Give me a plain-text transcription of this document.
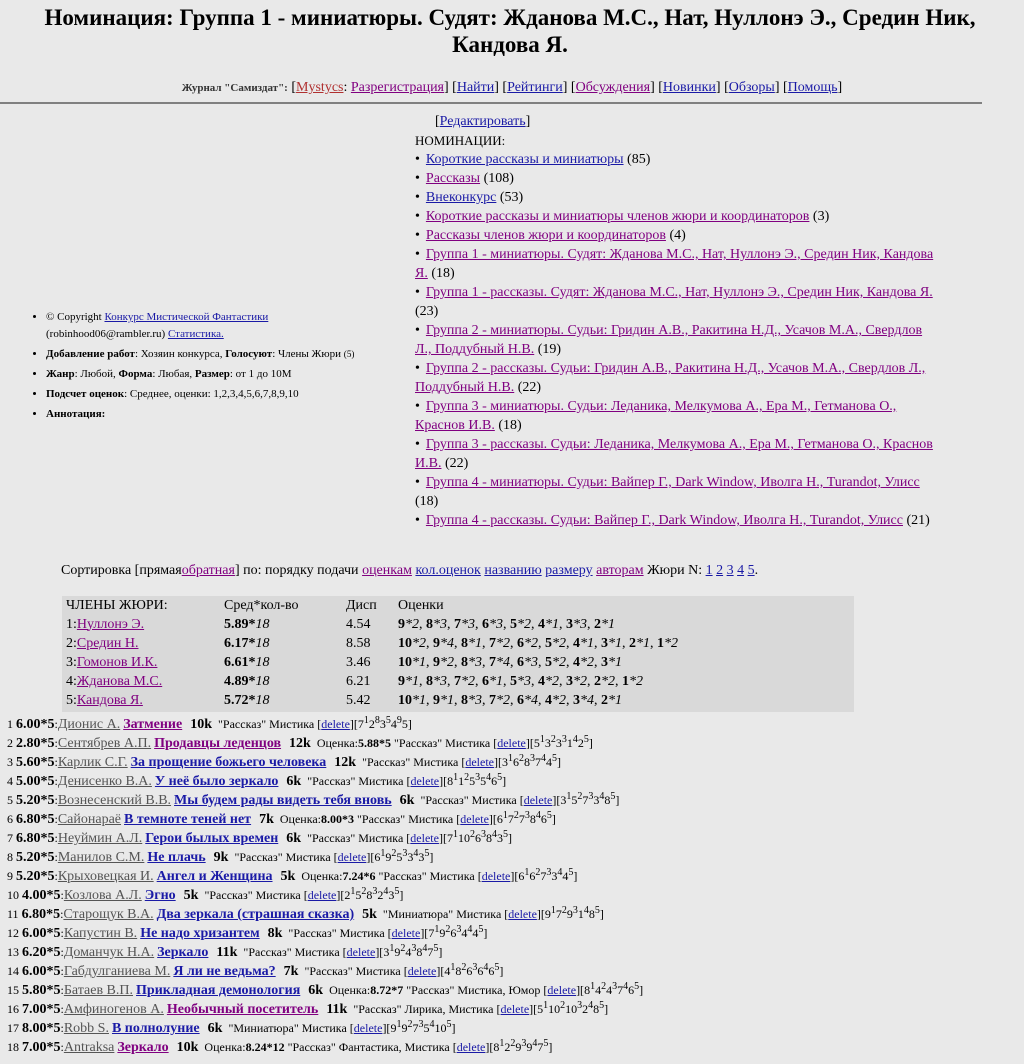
Номинация: Группа 1 - миниатюры. Судят: Жданова М.С., Нат, Нуллонэ Э., Средин Ник, Кандова Я.
Журнал "Самиздат": [Mystycs: Разрегистрация] [Найти] [Рейтинги] [Обсуждения] [Новинки] [Обзоры] [Помощь]
• © Copyright Конкурс Мистической Фантастики
(robinhood06@rambler.ru) Статистика.
• Добавление работ: Хозяин конкурса, Голосуют: Члены Жюри (5)
• Жанр: Любой, Форма: Любая, Размер: от 1 до 10М
• Подсчет оценок: Среднее, оценки: 1,2,3,4,5,6,7,8,9,10
• Аннотация:
[Редактировать]
НОМИНАЦИИ:
• Короткие рассказы и миниатюры (85)
• Рассказы (108)
• Внеконкурс (53)
• Короткие рассказы и миниатюры членов жюри и координаторов (3)
• Рассказы членов жюри и координаторов (4)
• Группа 1 - миниатюры. Судят: Жданова М.С., Нат, Нуллонэ Э., Средин Ник, Кандова Я. (18)
• Группа 1 - рассказы. Судят: Жданова М.С., Нат, Нуллонэ Э., Средин Ник, Кандова Я. (23)
• Группа 2 - миниатюры. Судьи: Гридин А.В., Ракитина Н.Д., Усачов М.А., Свердлов Л., Поддубный Н.В. (19)
• Группа 2 - рассказы. Судьи: Гридин А.В., Ракитина Н.Д., Усачов М.А., Свердлов Л., Поддубный Н.В. (22)
• Группа 3 - миниатюры. Судьи: Леданика, Мелкумова А., Ера М., Гетманова О., Краснов И.В. (18)
• Группа 3 - рассказы. Судьи: Леданика, Мелкумова А., Ера М., Гетманова О., Краснов И.В. (22)
• Группа 4 - миниатюры. Судьи: Вайпер Г., Dark Window, Иволга Н., Turandot, Улисс (18)
• Группа 4 - рассказы. Судьи: Вайпер Г., Dark Window, Иволга Н., Turandot, Улисс (21)
Сортировка [прямаяобратная] по: порядку подачи оценкам кол.оценок названию размеру авторам Жюри N: 1 2 3 4 5.
ЧЛЕНЫ ЖЮРИ:	Сред*кол-во	Дисп	Оценки
1:Нуллонэ Э.	5.89*18	4.54	9*2, 8*3, 7*3, 6*3, 5*2, 4*1, 3*3, 2*1
2:Средин Н.	6.17*18	8.58	10*2, 9*4, 8*1, 7*2, 6*2, 5*2, 4*1, 3*1, 2*1, 1*2
3:Гомонов И.К.	6.61*18	3.46	10*1, 9*2, 8*3, 7*4, 6*3, 5*2, 4*2, 3*1
4:Жданова М.С.	4.89*18	6.21	9*1, 8*3, 7*2, 6*1, 5*3, 4*2, 3*2, 2*2, 1*2
5:Кандова Я.	5.72*18	5.42	10*1, 9*1, 8*3, 7*2, 6*4, 4*2, 3*4, 2*1
1 6.00*5:Дионис А. Затмение 10k "Рассказ" Мистика $[delete][7^12^83^54^95]$
2 2.80*5:Сентябрев А.П. Продавцы леденцов 12k Оценка:5.88*5 "Рассказ" Мистика $[delete][5^13^23^31^42^5]$
3 5.60*5:Карлик С.Г. За прощение божьего человека 12k "Рассказ" Мистика $[delete][3^16^28^37^44^5]$
4 5.00*5:Денисенко В.А. У неё было зеркало 6k "Рассказ" Мистика $[delete][8^11^25^35^46^5]$
5 5.20*5:Вознесенский В.В. Мы будем рады видеть тебя вновь 6k "Рассказ" Мистика $[delete][3^15^27^33^48^5]$
6 6.80*5:Сайонараё В темноте теней нет 7k Оценка:8.00*3 "Рассказ" Мистика $[delete][6^17^27^38^46^5]$
7 6.80*5:Неуймин А.Л. Герои былых времен 6k "Рассказ" Мистика $[delete][7^110^26^38^43^5]$
8 5.20*5:Манилов С.М. Не плачь 9k "Рассказ" Мистика $[delete][6^19^25^33^43^5]$
9 5.20*5:Крыховецкая И. Ангел и Женщина 5k Оценка:7.24*6 "Рассказ" Мистика $[delete][6^16^27^33^44^5]$
10 4.00*5:Козлова А.Л. Эгно 5k "Рассказ" Мистика $[delete][2^15^28^32^43^5]$
11 6.80*5:Старощук В.А. Два зеркала (страшная сказка) 5k "Миниатюра" Мистика $[delete][9^17^29^31^48^5]$
12 6.00*5:Капустин В. Не надо хризантем 8k "Рассказ" Мистика $[delete][7^19^26^34^44^5]$
13 6.20*5:Доманчук Н.А. Зеркало 11k "Рассказ" Мистика $[delete][3^19^24^38^47^5]$
14 6.00*5:Габдулганиева М. Я ли не ведьма? 7k "Рассказ" Мистика $[delete][4^18^26^36^46^5]$
15 5.80*5:Батаев В.П. Прикладная демонология 6k Оценка:8.72*7 "Рассказ" Мистика, Юмор $[delete][8^14^24^37^46^5]$
16 7.00*5:Амфиногенов А. Необычный посетитель 11k "Рассказ" Лирика, Мистика $[delete][5^110^210^32^48^5]$
17 8.00*5:Robb S. В полнолуние 6k "Миниатюра" Мистика $[delete][9^19^27^35^410^5]$
18 7.00*5:Antraksa Зеркало 10k Оценка:8.24*12 "Рассказ" Фантастика, Мистика $[delete][8^12^29^39^47^5]$
